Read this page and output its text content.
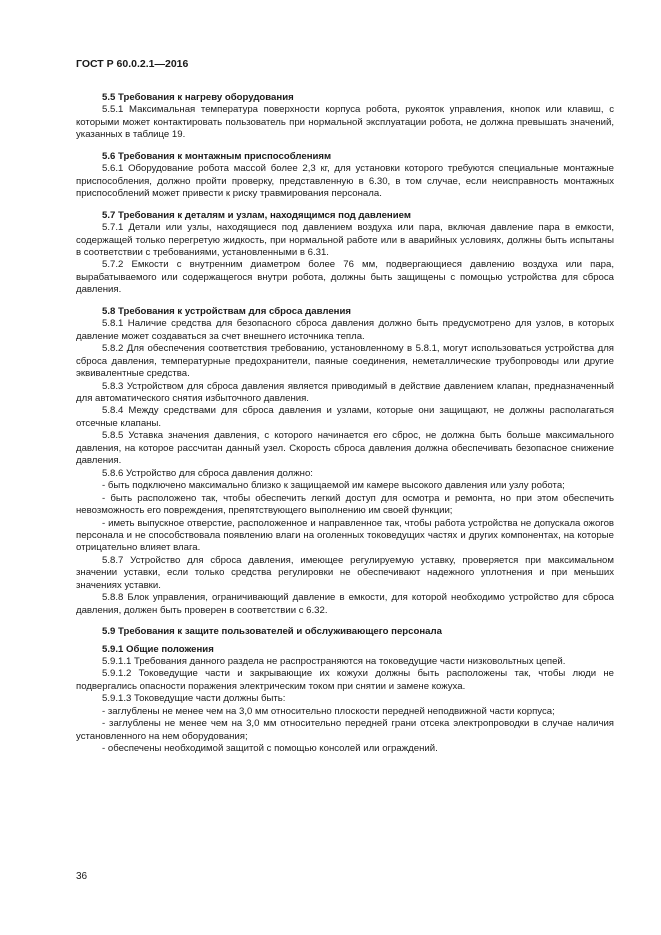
ГОСТ Р 60.0.2.1—2016
5.5 Требования к нагреву оборудования

5.5.1 Максимальная температура поверхности корпуса робота, рукояток управления, кнопок или клавиш, с которыми может контактировать пользователь при нормальной эксплуатации робота, не должна превышать значений, указанных в таблице 19.

5.6 Требования к монтажным приспособлениям

5.6.1 Оборудование робота массой более 2,3 кг, для установки которого требуются специальные монтажные приспособления, должно пройти проверку, представленную в 6.30, в том случае, если неисправность монтажных приспособлений может привести к риску травмирования персонала.

5.7 Требования к деталям и узлам, находящимся под давлением

5.7.1 Детали или узлы, находящиеся под давлением воздуха или пара, включая давление пара в емкости, содержащей только перегретую жидкость, при нормальной работе или в аварийных условиях, должны быть испытаны в соответствии с требованиями, установленными в 6.31.

5.7.2 Емкости с внутренним диаметром более 76 мм, подвергающиеся давлению воздуха или пара, вырабатываемого или содержащегося внутри робота, должны быть защищены с помощью устройства для сброса давления.

5.8 Требования к устройствам для сброса давления

5.8.1 Наличие средства для безопасного сброса давления должно быть предусмотрено для узлов, в которых давление может создаваться за счет внешнего источника тепла.

5.8.2 Для обеспечения соответствия требованию, установленному в 5.8.1, могут использоваться устройства для сброса давления, температурные предохранители, паяные соединения, неметаллические трубопроводы или другие эквивалентные средства.

5.8.3 Устройством для сброса давления является приводимый в действие давлением клапан, предназначенный для автоматического снятия избыточного давления.

5.8.4 Между средствами для сброса давления и узлами, которые они защищают, не должны располагаться отсечные клапаны.

5.8.5 Уставка значения давления, с которого начинается его сброс, не должна быть больше максимального давления, на которое рассчитан данный узел. Скорость сброса давления должна обеспечивать безопасное снижение давления.

5.8.6 Устройство для сброса давления должно:

- быть подключено максимально близко к защищаемой им камере высокого давления или узлу робота;

- быть расположено так, чтобы обеспечить легкий доступ для осмотра и ремонта, но при этом обеспечить невозможность его повреждения, препятствующего выполнению им своей функции;

- иметь выпускное отверстие, расположенное и направленное так, чтобы работа устройства не допускала ожогов персонала и не способствовала появлению влаги на оголенных токоведущих частях и других компонентах, на которые отрицательно влияет влага.

5.8.7 Устройство для сброса давления, имеющее регулируемую уставку, проверяется при максимальном значении уставки, если только средства регулировки не обеспечивают надежного уплотнения и при меньших значениях уставки.

5.8.8 Блок управления, ограничивающий давление в емкости, для которой необходимо устройство для сброса давления, должен быть проверен в соответствии с 6.32.

5.9 Требования к защите пользователей и обслуживающего персонала
5.9.1 Общие положения

5.9.1.1 Требования данного раздела не распространяются на токоведущие части низковольтных цепей.

5.9.1.2 Токоведущие части и закрывающие их кожухи должны быть расположены так, чтобы люди не подвергались опасности поражения электрическим током при снятии и замене кожуха.

5.9.1.3 Токоведущие части должны быть:

- заглублены не менее чем на 3,0 мм относительно плоскости передней неподвижной части корпуса;

- заглублены не менее чем на 3,0 мм относительно передней грани отсека электропроводки в случае наличия установленного на нем оборудования;

- обеспечены необходимой защитой с помощью консолей или ограждений.

36
